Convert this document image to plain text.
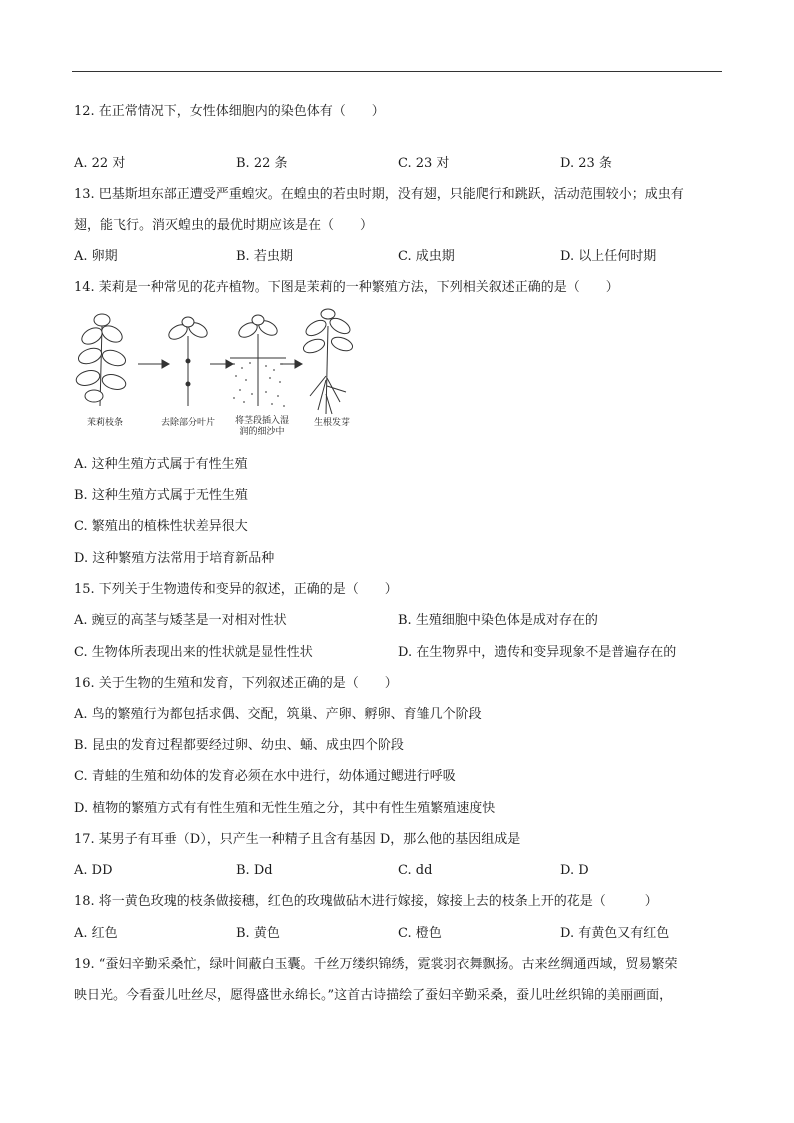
12. 在正常情况下，女性体细胞内的染色体有（　　）
A. 22 对	B. 22 条	C. 23 对	D. 23 条
13. 巴基斯坦东部正遭受严重蝗灾。在蝗虫的若虫时期，没有翅，只能爬行和跳跃，活动范围较小；成虫有
翅，能飞行。消灭蝗虫的最优时期应该是在（　　）
A. 卵期	B. 若虫期	C. 成虫期	D. 以上任何时期
14. 茉莉是一种常见的花卉植物。下图是茉莉的一种繁殖方法，下列相关叙述正确的是（　　）
茉莉枝条	去除部分叶片	将茎段插入湿
润的细沙中
生根发芽
A. 这种生殖方式属于有性生殖
B. 这种生殖方式属于无性生殖
C. 繁殖出的植株性状差异很大
D. 这种繁殖方法常用于培育新品种
15. 下列关于生物遗传和变异的叙述，正确的是（　　）
A. 豌豆的高茎与矮茎是一对相对性状	B. 生殖细胞中染色体是成对存在的
C. 生物体所表现出来的性状就是显性性状	D. 在生物界中，遗传和变异现象不是普遍存在的
16. 关于生物的生殖和发育，下列叙述正确的是（　　）
A. 鸟的繁殖行为都包括求偶、交配，筑巢、产卵、孵卵、育雏几个阶段
B. 昆虫的发育过程都要经过卵、幼虫、蛹、成虫四个阶段
C. 青蛙的生殖和幼体的发育必须在水中进行，幼体通过鳃进行呼吸
D. 植物的繁殖方式有有性生殖和无性生殖之分，其中有性生殖繁殖速度快
17. 某男子有耳垂（D），只产生一种精子且含有基因 D，那么他的基因组成是
A. DD	B. Dd	C. dd	D. D
18. 将一黄色玫瑰的枝条做接穗，红色的玫瑰做砧木进行嫁接，嫁接上去的枝条上开的花是（　　　）
A. 红色	B. 黄色	C. 橙色	D. 有黄色又有红色
19. “蚕妇辛勤采桑忙，绿叶间蔽白玉囊。千丝万缕织锦绣，霓裳羽衣舞飘扬。古来丝绸通西域，贸易繁荣
映日光。今看蚕儿吐丝尽，愿得盛世永绵长。”这首古诗描绘了蚕妇辛勤采桑，蚕儿吐丝织锦的美丽画面，
